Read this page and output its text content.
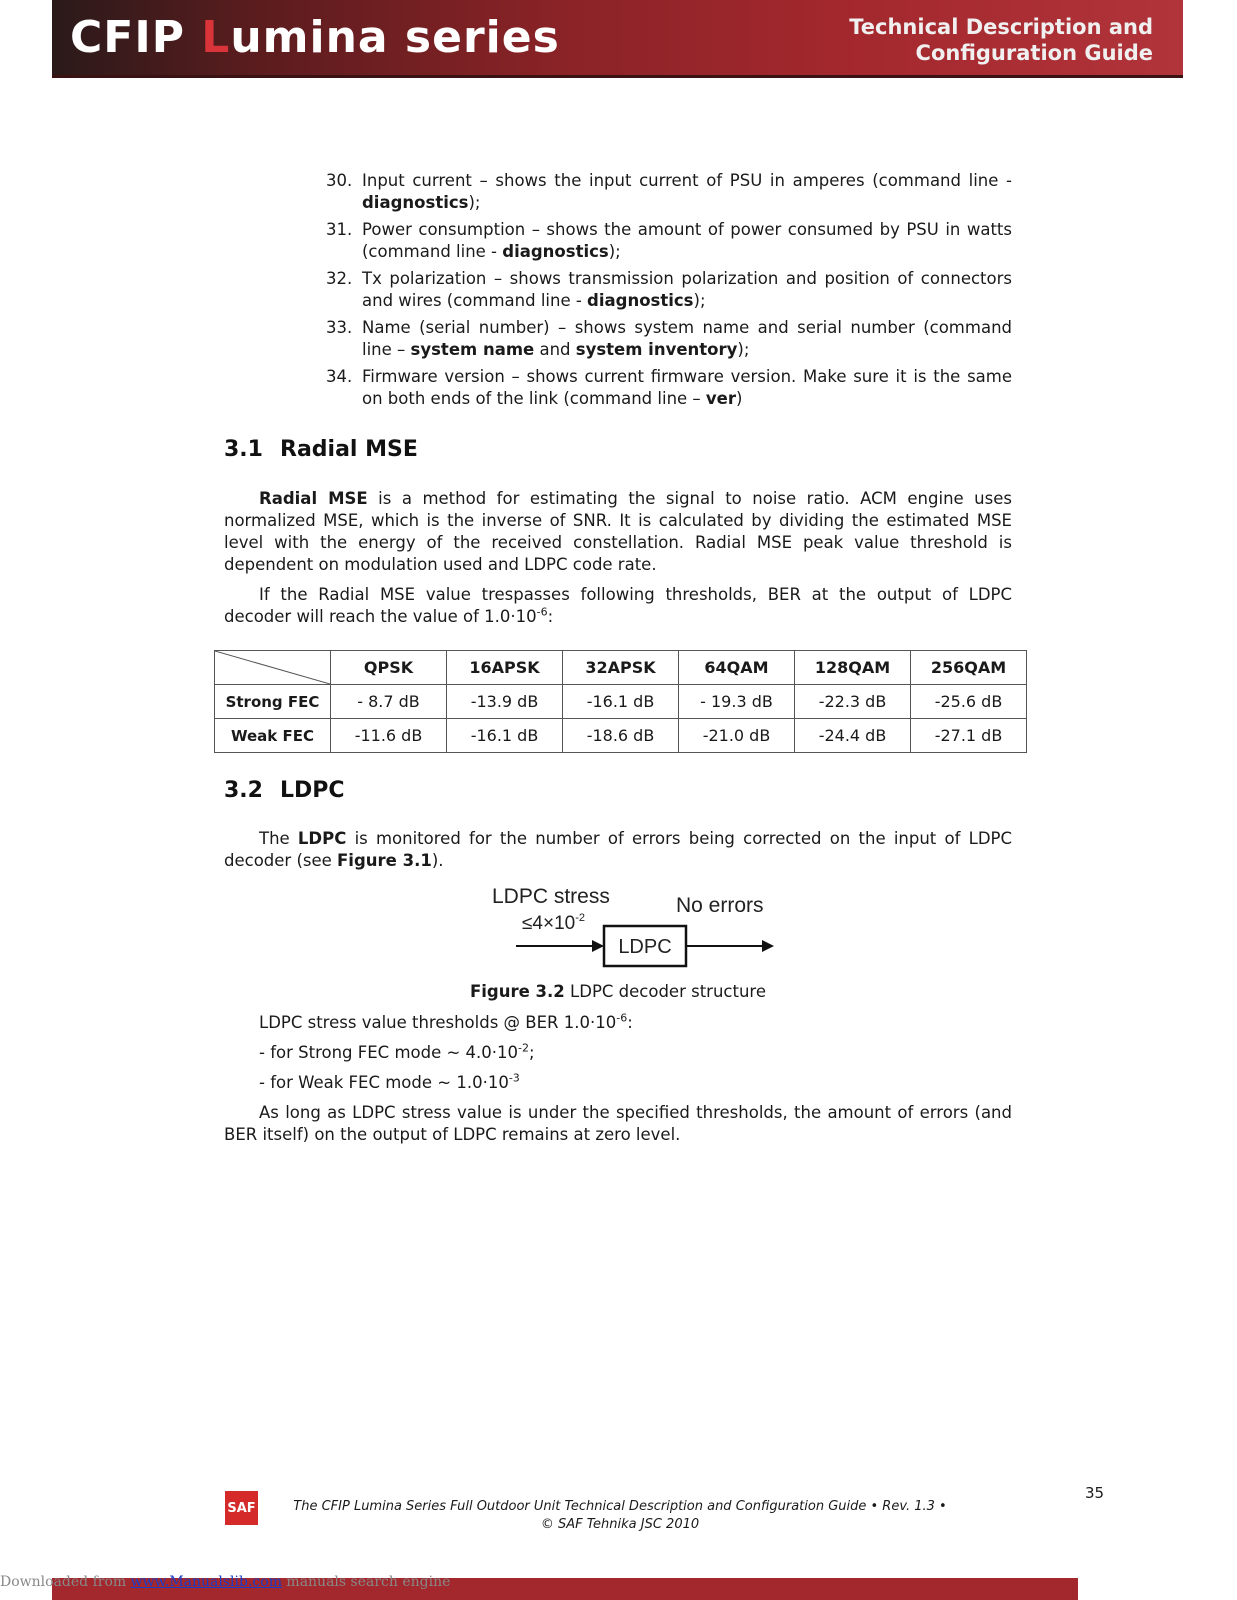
CFIP Lumina series	Technical Description and
Configuration Guide
30. Input current – shows the input current of PSU in amperes (command line - diagnostics);
31. Power consumption – shows the amount of power consumed by PSU in watts (command line - diagnostics);
32. Tx polarization – shows transmission polarization and position of connectors and wires (command line - diagnostics);
33. Name (serial number) – shows system name and serial number (command line – system name and system inventory);
34. Firmware version – shows current firmware version. Make sure it is the same on both ends of the link (command line – ver)
3.1 Radial MSE

Radial MSE is a method for estimating the signal to noise ratio. ACM engine uses normalized MSE, which is the inverse of SNR. It is calculated by dividing the estimated MSE level with the energy of the received constellation. Radial MSE peak value threshold is dependent on modulation used and LDPC code rate.

If the Radial MSE value trespasses following thresholds, BER at the output of LDPC decoder will reach the value of $1.0\cdot 10^{-6}$:

	QPSK	16APSK	32APSK	64QAM	128QAM	256QAM
Strong FEC	- 8.7 dB	-13.9 dB	-16.1 dB	- 19.3 dB	-22.3 dB	-25.6 dB
Weak FEC	-11.6 dB	-16.1 dB	-18.6 dB	-21.0 dB	-24.4 dB	-27.1 dB
3.2 LDPC

The LDPC is monitored for the number of errors being corrected on the input of LDPC decoder (see Figure 3.1).

LDPC stress
$\le 4\times 10^{-2}$
No errors
LDPC
Figure 3.2 LDPC decoder structure

LDPC stress value thresholds @ BER $1.0\cdot 10^{-6}$:

- for Strong FEC mode ~ $4.0\cdot 10^{-2}$;

- for Weak FEC mode ~ $1.0\cdot 10^{-3}$

As long as LDPC stress value is under the specified thresholds, the amount of errors (and BER itself) on the output of LDPC remains at zero level.

35
SAF	The CFIP Lumina Series Full Outdoor Unit Technical Description and Configuration Guide • Rev. 1.3 •
© SAF Tehnika JSC 2010
Downloaded from www.Manualslib.com manuals search engine
